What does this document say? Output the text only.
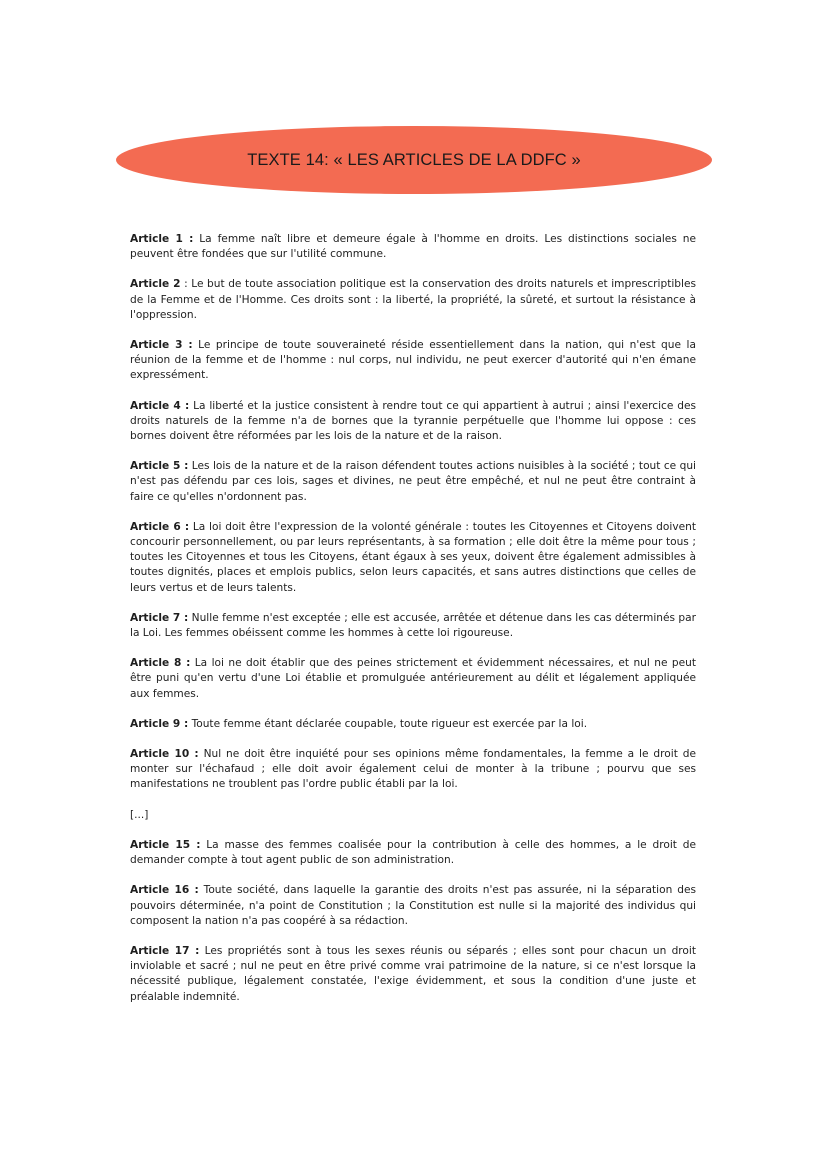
TEXTE 14: « LES ARTICLES DE LA DDFC »

Article 1 : La femme naît libre et demeure égale à l'homme en droits. Les distinctions sociales ne peuvent être fondées que sur l'utilité commune.

Article 2 : Le but de toute association politique est la conservation des droits naturels et imprescriptibles de la Femme et de l'Homme. Ces droits sont : la liberté, la propriété, la sûreté, et surtout la résistance à l'oppression.

Article 3 : Le principe de toute souveraineté réside essentiellement dans la nation, qui n'est que la réunion de la femme et de l'homme : nul corps, nul individu, ne peut exercer d'autorité qui n'en émane expressément.

Article 4 : La liberté et la justice consistent à rendre tout ce qui appartient à autrui ; ainsi l'exercice des droits naturels de la femme n'a de bornes que la tyrannie perpétuelle que l'homme lui oppose : ces bornes doivent être réformées par les lois de la nature et de la raison.

Article 5 : Les lois de la nature et de la raison défendent toutes actions nuisibles à la société ; tout ce qui n'est pas défendu par ces lois, sages et divines, ne peut être empêché, et nul ne peut être contraint à faire ce qu'elles n'ordonnent pas.

Article 6 : La loi doit être l'expression de la volonté générale : toutes les Citoyennes et Citoyens doivent concourir personnellement, ou par leurs représentants, à sa formation ; elle doit être la même pour tous ; toutes les Citoyennes et tous les Citoyens, étant égaux à ses yeux, doivent être également admissibles à toutes dignités, places et emplois publics, selon leurs capacités, et sans autres distinctions que celles de leurs vertus et de leurs talents.

Article 7 : Nulle femme n'est exceptée ; elle est accusée, arrêtée et détenue dans les cas déterminés par la Loi. Les femmes obéissent comme les hommes à cette loi rigoureuse.

Article 8 : La loi ne doit établir que des peines strictement et évidemment nécessaires, et nul ne peut être puni qu'en vertu d'une Loi établie et promulguée antérieurement au délit et légalement appliquée aux femmes.

Article 9 : Toute femme étant déclarée coupable, toute rigueur est exercée par la loi.

Article 10 : Nul ne doit être inquiété pour ses opinions même fondamentales, la femme a le droit de monter sur l'échafaud ; elle doit avoir également celui de monter à la tribune ; pourvu que ses manifestations ne troublent pas l'ordre public établi par la loi.

[...]

Article 15 : La masse des femmes coalisée pour la contribution à celle des hommes, a le droit de demander compte à tout agent public de son administration.

Article 16 : Toute société, dans laquelle la garantie des droits n'est pas assurée, ni la séparation des pouvoirs déterminée, n'a point de Constitution ; la Constitution est nulle si la majorité des individus qui composent la nation n'a pas coopéré à sa rédaction.

Article 17 : Les propriétés sont à tous les sexes réunis ou séparés ; elles sont pour chacun un droit inviolable et sacré ; nul ne peut en être privé comme vrai patrimoine de la nature, si ce n'est lorsque la nécessité publique, légalement constatée, l'exige évidemment, et sous la condition d'une juste et préalable indemnité.
